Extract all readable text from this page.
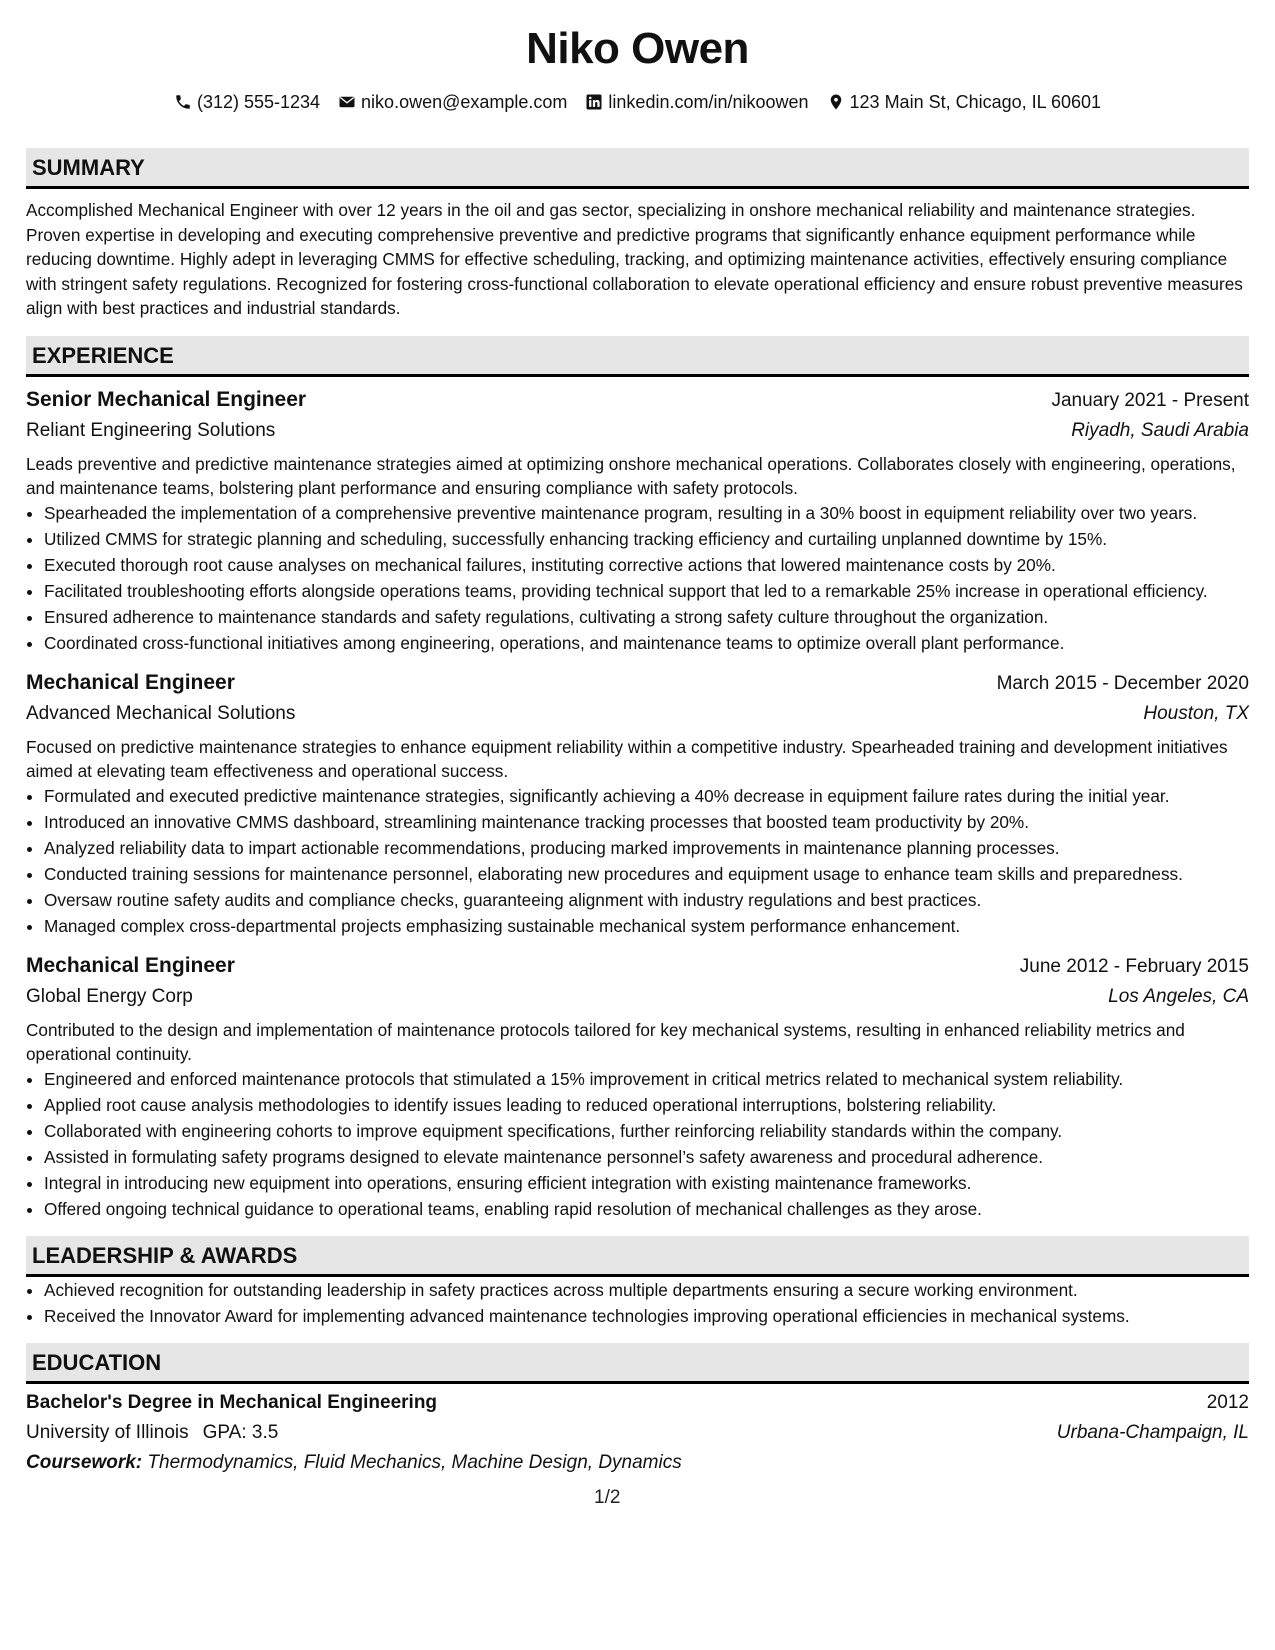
Niko Owen
(312) 555-1234 niko.owen@example.com linkedin.com/in/nikoowen 123 Main St, Chicago, IL 60601
SUMMARY
Accomplished Mechanical Engineer with over 12 years in the oil and gas sector, specializing in onshore mechanical reliability and maintenance strategies. Proven expertise in developing and executing comprehensive preventive and predictive programs that significantly enhance equipment performance while reducing downtime. Highly adept in leveraging CMMS for effective scheduling, tracking, and optimizing maintenance activities, effectively ensuring compliance with stringent safety regulations. Recognized for fostering cross-functional collaboration to elevate operational efficiency and ensure robust preventive measures align with best practices and industrial standards.
EXPERIENCE
Senior Mechanical Engineer	January 2021 - Present
Reliant Engineering Solutions	Riyadh, Saudi Arabia
Leads preventive and predictive maintenance strategies aimed at optimizing onshore mechanical operations. Collaborates closely with engineering, operations, and maintenance teams, bolstering plant performance and ensuring compliance with safety protocols.
• Spearheaded the implementation of a comprehensive preventive maintenance program, resulting in a 30% boost in equipment reliability over two years.
• Utilized CMMS for strategic planning and scheduling, successfully enhancing tracking efficiency and curtailing unplanned downtime by 15%.
• Executed thorough root cause analyses on mechanical failures, instituting corrective actions that lowered maintenance costs by 20%.
• Facilitated troubleshooting efforts alongside operations teams, providing technical support that led to a remarkable 25% increase in operational efficiency.
• Ensured adherence to maintenance standards and safety regulations, cultivating a strong safety culture throughout the organization.
• Coordinated cross-functional initiatives among engineering, operations, and maintenance teams to optimize overall plant performance.
Mechanical Engineer	March 2015 - December 2020
Advanced Mechanical Solutions	Houston, TX
Focused on predictive maintenance strategies to enhance equipment reliability within a competitive industry. Spearheaded training and development initiatives aimed at elevating team effectiveness and operational success.
• Formulated and executed predictive maintenance strategies, significantly achieving a 40% decrease in equipment failure rates during the initial year.
• Introduced an innovative CMMS dashboard, streamlining maintenance tracking processes that boosted team productivity by 20%.
• Analyzed reliability data to impart actionable recommendations, producing marked improvements in maintenance planning processes.
• Conducted training sessions for maintenance personnel, elaborating new procedures and equipment usage to enhance team skills and preparedness.
• Oversaw routine safety audits and compliance checks, guaranteeing alignment with industry regulations and best practices.
• Managed complex cross-departmental projects emphasizing sustainable mechanical system performance enhancement.
Mechanical Engineer	June 2012 - February 2015
Global Energy Corp	Los Angeles, CA
Contributed to the design and implementation of maintenance protocols tailored for key mechanical systems, resulting in enhanced reliability metrics and operational continuity.
• Engineered and enforced maintenance protocols that stimulated a 15% improvement in critical metrics related to mechanical system reliability.
• Applied root cause analysis methodologies to identify issues leading to reduced operational interruptions, bolstering reliability.
• Collaborated with engineering cohorts to improve equipment specifications, further reinforcing reliability standards within the company.
• Assisted in formulating safety programs designed to elevate maintenance personnel’s safety awareness and procedural adherence.
• Integral in introducing new equipment into operations, ensuring efficient integration with existing maintenance frameworks.
• Offered ongoing technical guidance to operational teams, enabling rapid resolution of mechanical challenges as they arose.
LEADERSHIP & AWARDS
• Achieved recognition for outstanding leadership in safety practices across multiple departments ensuring a secure working environment.
• Received the Innovator Award for implementing advanced maintenance technologies improving operational efficiencies in mechanical systems.
EDUCATION
Bachelor's Degree in Mechanical Engineering	2012
University of Illinois GPA: 3.5	Urbana-Champaign, IL
Coursework: Thermodynamics, Fluid Mechanics, Machine Design, Dynamics
1/2
